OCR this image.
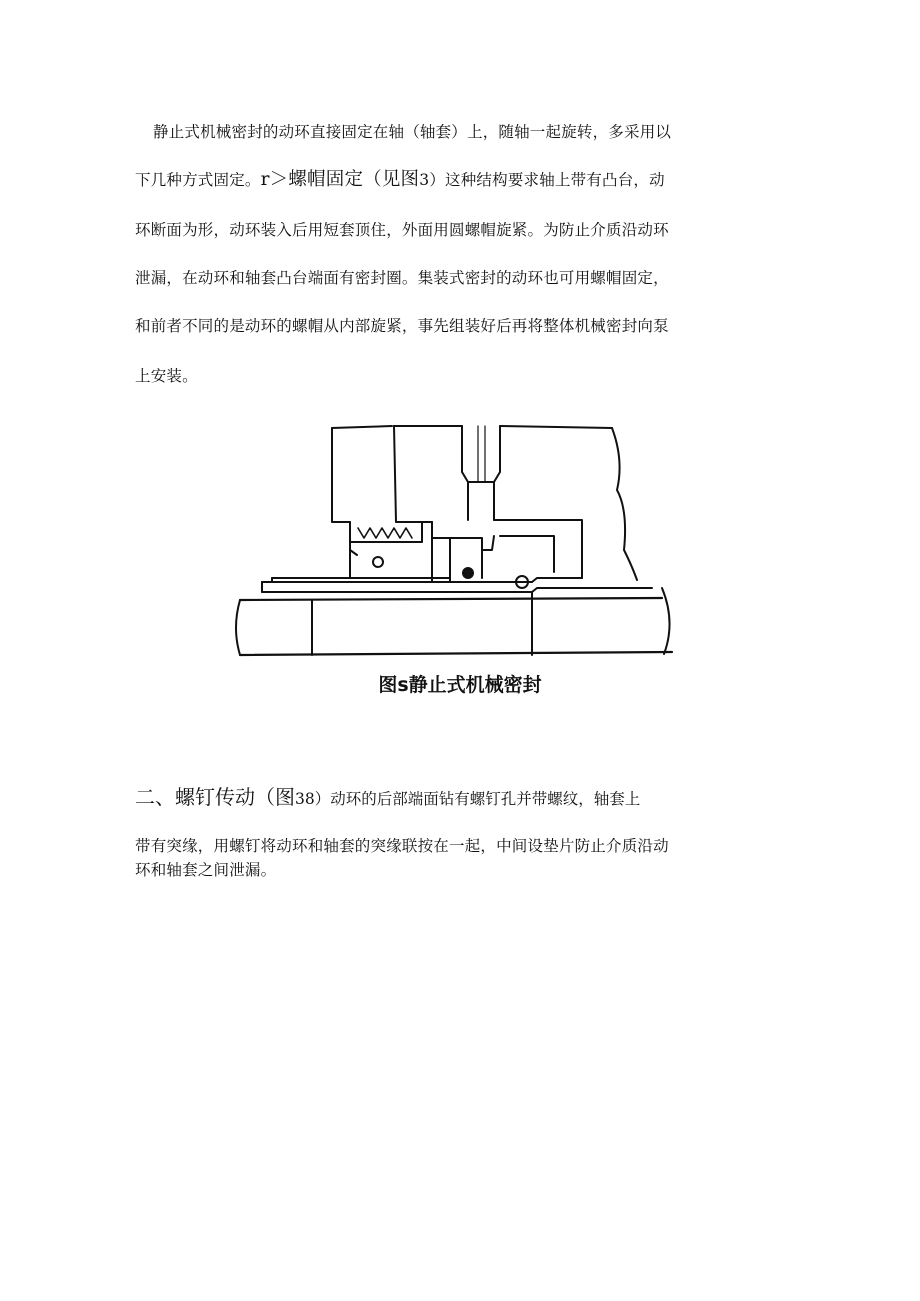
静止式机械密封的动环直接固定在轴（轴套）上，随轴一起旋转，多采用以
下几种方式固定。r＞螺帽固定（见图3）这种结构要求轴上带有凸台，动
环断面为形，动环装入后用短套顶住，外面用圆螺帽旋紧。为防止介质沿动环
泄漏，在动环和轴套凸台端面有密封圈。集装式密封的动环也可用螺帽固定，
和前者不同的是动环的螺帽从内部旋紧，事先组装好后再将整体机械密封向泵
上安装。
图s静止式机械密封
二、螺钉传动（图38）动环的后部端面钻有螺钉孔并带螺纹，轴套上
带有突缘，用螺钉将动环和轴套的突缘联按在一起，中间设垫片防止介质沿动
环和轴套之间泄漏。
